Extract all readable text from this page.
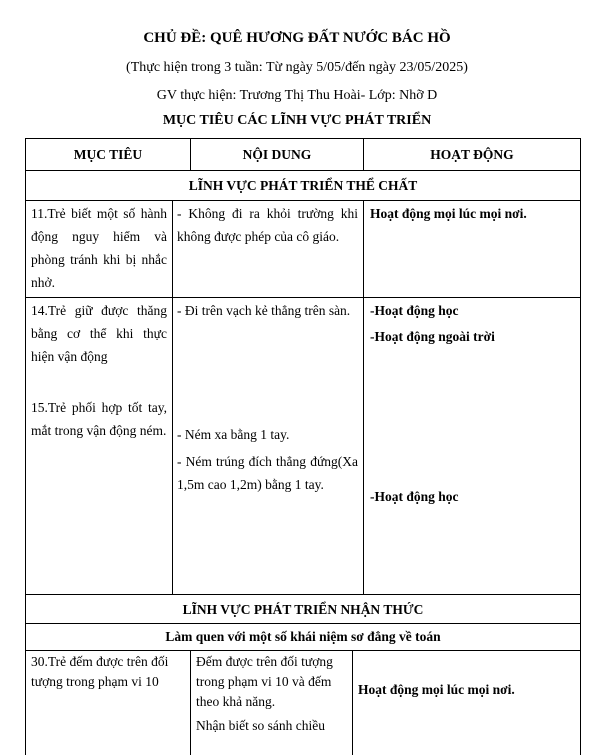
CHỦ ĐỀ: QUÊ HƯƠNG ĐẤT NƯỚC BÁC HỒ
(Thực hiện trong 3 tuần: Từ ngày 5/05/đến ngày 23/05/2025)
GV thực hiện: Trương Thị Thu Hoài- Lớp: Nhỡ D
MỤC TIÊU CÁC LĨNH VỰC PHÁT TRIỂN
MỤC TIÊU	NỘI DUNG	HOẠT ĐỘNG
LĨNH VỰC PHÁT TRIỂN THỂ CHẤT
11.Trẻ biết một số hành động nguy hiểm và phòng tránh khi bị nhắc nhở.
- Không đi ra khỏi trường khi không được phép của cô giáo.
Hoạt động mọi lúc mọi nơi.
14.Trẻ giữ được thăng bằng cơ thể khi thực hiện vận động
15.Trẻ phối hợp tốt tay, mắt trong vận động ném.
- Đi trên vạch kẻ thẳng trên sàn.
- Ném xa bằng 1 tay.
- Ném trúng đích thẳng đứng(Xa 1,5m cao 1,2m) bằng 1 tay.
-Hoạt động học
-Hoạt động ngoài trời
-Hoạt động học
LĨNH VỰC PHÁT TRIỂN NHẬN THỨC
Làm quen với một số khái niệm sơ đẳng về toán
30.Trẻ đếm được trên đối tượng trong phạm vi 10
Đếm được trên đối tượng trong phạm vi 10 và đếm theo khả năng.
Nhận biết so sánh chiều
Hoạt động mọi lúc mọi nơi.
